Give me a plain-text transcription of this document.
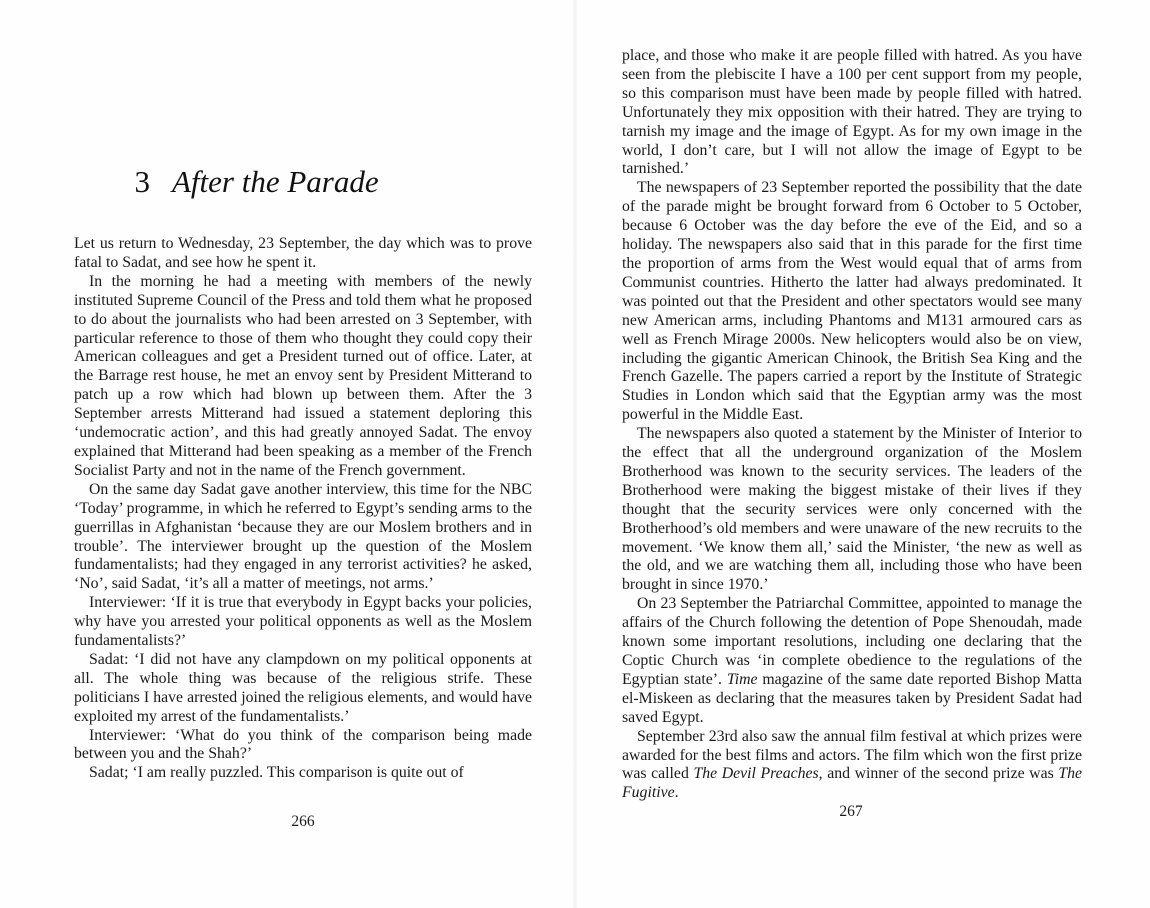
3 After the Parade

Let us return to Wednesday, 23 September, the day which was to prove fatal to Sadat, and see how he spent it.

In the morning he had a meeting with members of the newly instituted Supreme Council of the Press and told them what he proposed to do about the journalists who had been arrested on 3 September, with particular reference to those of them who thought they could copy their American colleagues and get a President turned out of office. Later, at the Barrage rest house, he met an envoy sent by President Mitterand to patch up a row which had blown up between them. After the 3 September arrests Mitterand had issued a statement deploring this ‘undemocratic action’, and this had greatly annoyed Sadat. The envoy explained that Mitterand had been speaking as a member of the French Socialist Party and not in the name of the French government.

On the same day Sadat gave another interview, this time for the NBC ‘Today’ programme, in which he referred to Egypt’s sending arms to the guerrillas in Afghanistan ‘because they are our Moslem brothers and in trouble’. The interviewer brought up the question of the Moslem fundamentalists; had they engaged in any terrorist activities? he asked, ‘No’, said Sadat, ‘it’s all a matter of meetings, not arms.’

Interviewer: ‘If it is true that everybody in Egypt backs your policies, why have you arrested your political opponents as well as the Moslem fundamentalists?’

Sadat: ‘I did not have any clampdown on my political opponents at all. The whole thing was because of the religious strife. These politicians I have arrested joined the religious elements, and would have exploited my arrest of the fundamentalists.’

Interviewer: ‘What do you think of the comparison being made between you and the Shah?’

Sadat; ‘I am really puzzled. This comparison is quite out of

266

place, and those who make it are people filled with hatred. As you have seen from the plebiscite I have a 100 per cent support from my people, so this comparison must have been made by people filled with hatred. Unfortunately they mix opposition with their hatred. They are trying to tarnish my image and the image of Egypt. As for my own image in the world, I don’t care, but I will not allow the image of Egypt to be tarnished.’

The newspapers of 23 September reported the possibility that the date of the parade might be brought forward from 6 October to 5 October, because 6 October was the day before the eve of the Eid, and so a holiday. The newspapers also said that in this parade for the first time the proportion of arms from the West would equal that of arms from Communist countries. Hitherto the latter had always predominated. It was pointed out that the President and other spectators would see many new American arms, including Phantoms and M131 armoured cars as well as French Mirage 2000s. New helicopters would also be on view, including the gigantic American Chinook, the British Sea King and the French Gazelle. The papers carried a report by the Institute of Strategic Studies in London which said that the Egyptian army was the most powerful in the Middle East.

The newspapers also quoted a statement by the Minister of Interior to the effect that all the underground organization of the Moslem Brotherhood was known to the security services. The leaders of the Brotherhood were making the biggest mistake of their lives if they thought that the security services were only concerned with the Brotherhood’s old members and were unaware of the new recruits to the movement. ‘We know them all,’ said the Minister, ‘the new as well as the old, and we are watching them all, including those who have been brought in since 1970.’

On 23 September the Patriarchal Committee, appointed to manage the affairs of the Church following the detention of Pope Shenoudah, made known some important resolutions, including one declaring that the Coptic Church was ‘in complete obedience to the regulations of the Egyptian state’. Time magazine of the same date reported Bishop Matta el-Miskeen as declaring that the measures taken by President Sadat had saved Egypt.

September 23rd also saw the annual film festival at which prizes were awarded for the best films and actors. The film which won the first prize was called The Devil Preaches, and winner of the second prize was The Fugitive.

267
